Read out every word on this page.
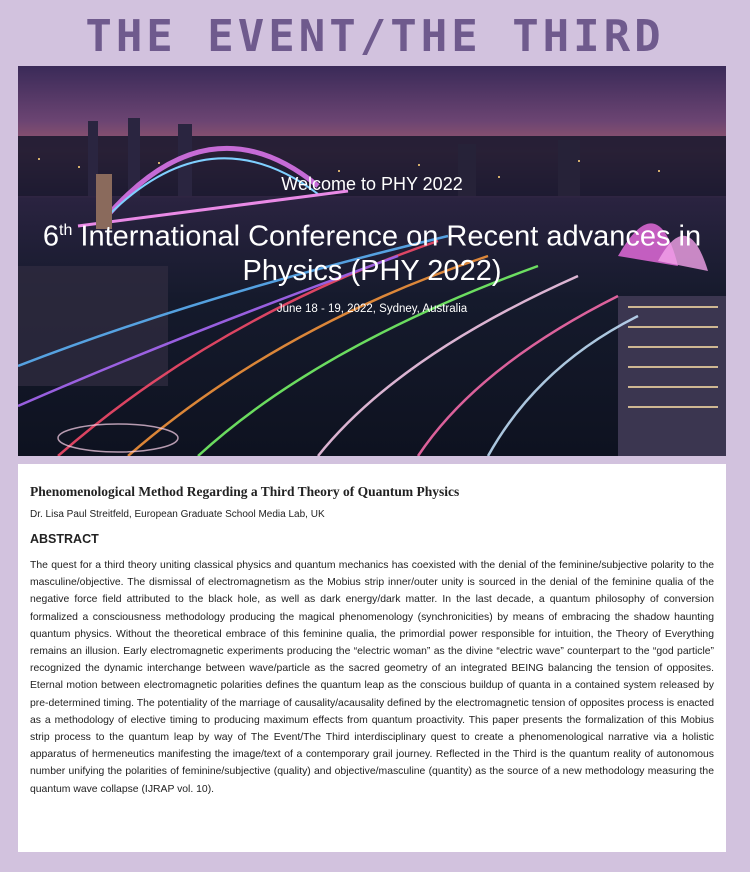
THE EVENT/THE THIRD
Welcome to PHY 2022
6th International Conference on Recent advances in Physics (PHY 2022)
June 18 - 19, 2022, Sydney, Australia
Phenomenological Method Regarding a Third Theory of Quantum Physics
Dr. Lisa Paul Streitfeld, European Graduate School Media Lab, UK
ABSTRACT
The quest for a third theory uniting classical physics and quantum mechanics has coexisted with the denial of the feminine/subjective polarity to the masculine/objective. The dismissal of electromagnetism as the Mobius strip inner/outer unity is sourced in the denial of the feminine qualia of the negative force field attributed to the black hole, as well as dark energy/dark matter. In the last decade, a quantum philosophy of conversion formalized a consciousness methodology producing the magical phenomenology (synchronicities) by means of embracing the shadow haunting quantum physics. Without the theoretical embrace of this feminine qualia, the primordial power responsible for intuition, the Theory of Everything remains an illusion. Early electromagnetic experiments producing the “electric woman” as the divine “electric wave” counterpart to the “god particle” recognized the dynamic interchange between wave/particle as the sacred geometry of an integrated BEING balancing the tension of opposites. Eternal motion between electromagnetic polarities defines the quantum leap as the conscious buildup of quanta in a contained system released by pre-determined timing. The potentiality of the marriage of causality/acausality defined by the electromagnetic tension of opposites process is enacted as a methodology of elective timing to producing maximum effects from quantum proactivity. This paper presents the formalization of this Mobius strip process to the quantum leap by way of The Event/The Third interdisciplinary quest to create a phenomenological narrative via a holistic apparatus of hermeneutics manifesting the image/text of a contemporary grail journey. Reflected in the Third is the quantum reality of autonomous number unifying the polarities of feminine/subjective (quality) and objective/masculine (quantity) as the source of a new methodology measuring the quantum wave collapse (IJRAP vol. 10).
